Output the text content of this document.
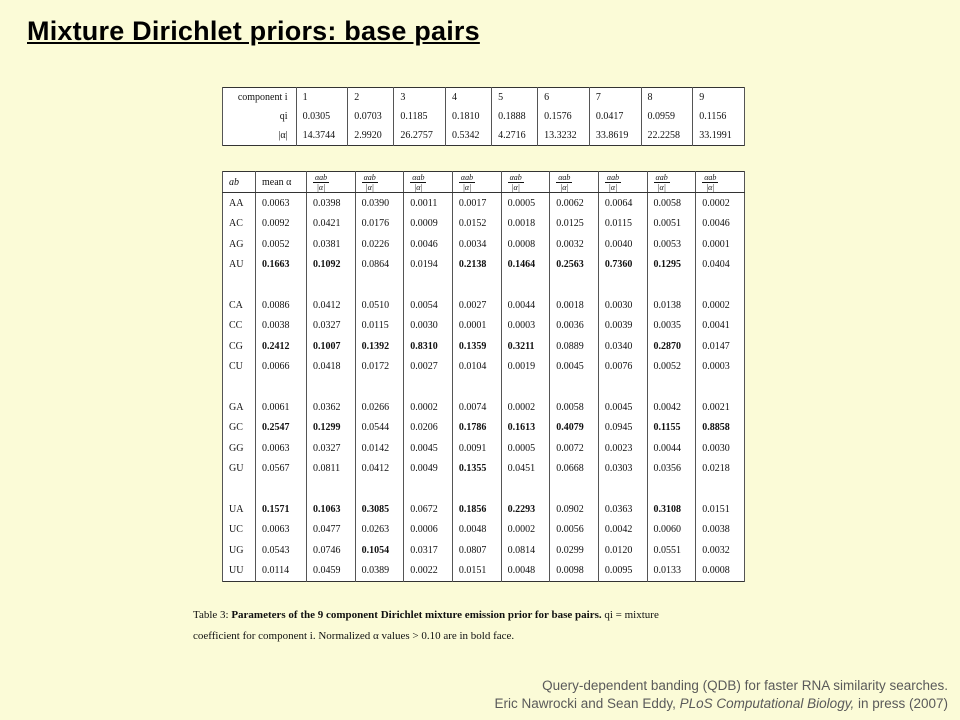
Mixture Dirichlet priors: base pairs
component i	1	2	3	4	5	6	7	8	9
qi	0.0305	0.0703	0.1185	0.1810	0.1888	0.1576	0.0417	0.0959	0.1156
|α|	14.3744	2.9920	26.2757	0.5342	4.2716	13.3232	33.8619	22.2258	33.1991
ab	mean α	$\frac{\text{αab}}{|\alpha|}$	$\frac{\text{αab}}{|\alpha|}$	$\frac{\text{αab}}{|\alpha|}$	$\frac{\text{αab}}{|\alpha|}$	$\frac{\text{αab}}{|\alpha|}$	$\frac{\text{αab}}{|\alpha|}$	$\frac{\text{αab}}{|\alpha|}$	$\frac{\text{αab}}{|\alpha|}$	$\frac{\text{αab}}{|\alpha|}$

AA	0.0063	0.0398	0.0390	0.0011	0.0017	0.0005	0.0062	0.0064	0.0058	0.0002
AC	0.0092	0.0421	0.0176	0.0009	0.0152	0.0018	0.0125	0.0115	0.0051	0.0046
AG	0.0052	0.0381	0.0226	0.0046	0.0034	0.0008	0.0032	0.0040	0.0053	0.0001
AU	0.1663	0.1092	0.0864	0.0194	0.2138	0.1464	0.2563	0.7360	0.1295	0.0404

CA	0.0086	0.0412	0.0510	0.0054	0.0027	0.0044	0.0018	0.0030	0.0138	0.0002
CC	0.0038	0.0327	0.0115	0.0030	0.0001	0.0003	0.0036	0.0039	0.0035	0.0041
CG	0.2412	0.1007	0.1392	0.8310	0.1359	0.3211	0.0889	0.0340	0.2870	0.0147
CU	0.0066	0.0418	0.0172	0.0027	0.0104	0.0019	0.0045	0.0076	0.0052	0.0003

GA	0.0061	0.0362	0.0266	0.0002	0.0074	0.0002	0.0058	0.0045	0.0042	0.0021
GC	0.2547	0.1299	0.0544	0.0206	0.1786	0.1613	0.4079	0.0945	0.1155	0.8858
GG	0.0063	0.0327	0.0142	0.0045	0.0091	0.0005	0.0072	0.0023	0.0044	0.0030
GU	0.0567	0.0811	0.0412	0.0049	0.1355	0.0451	0.0668	0.0303	0.0356	0.0218

UA	0.1571	0.1063	0.3085	0.0672	0.1856	0.2293	0.0902	0.0363	0.3108	0.0151
UC	0.0063	0.0477	0.0263	0.0006	0.0048	0.0002	0.0056	0.0042	0.0060	0.0038
UG	0.0543	0.0746	0.1054	0.0317	0.0807	0.0814	0.0299	0.0120	0.0551	0.0032
UU	0.0114	0.0459	0.0389	0.0022	0.0151	0.0048	0.0098	0.0095	0.0133	0.0008
Table 3: Parameters of the 9 component Dirichlet mixture emission prior for base pairs. qi = mixture
coefficient for component i. Normalized α values > 0.10 are in bold face.
Query-dependent banding (QDB) for faster RNA similarity searches.
Eric Nawrocki and Sean Eddy, PLoS Computational Biology, in press (2007)
